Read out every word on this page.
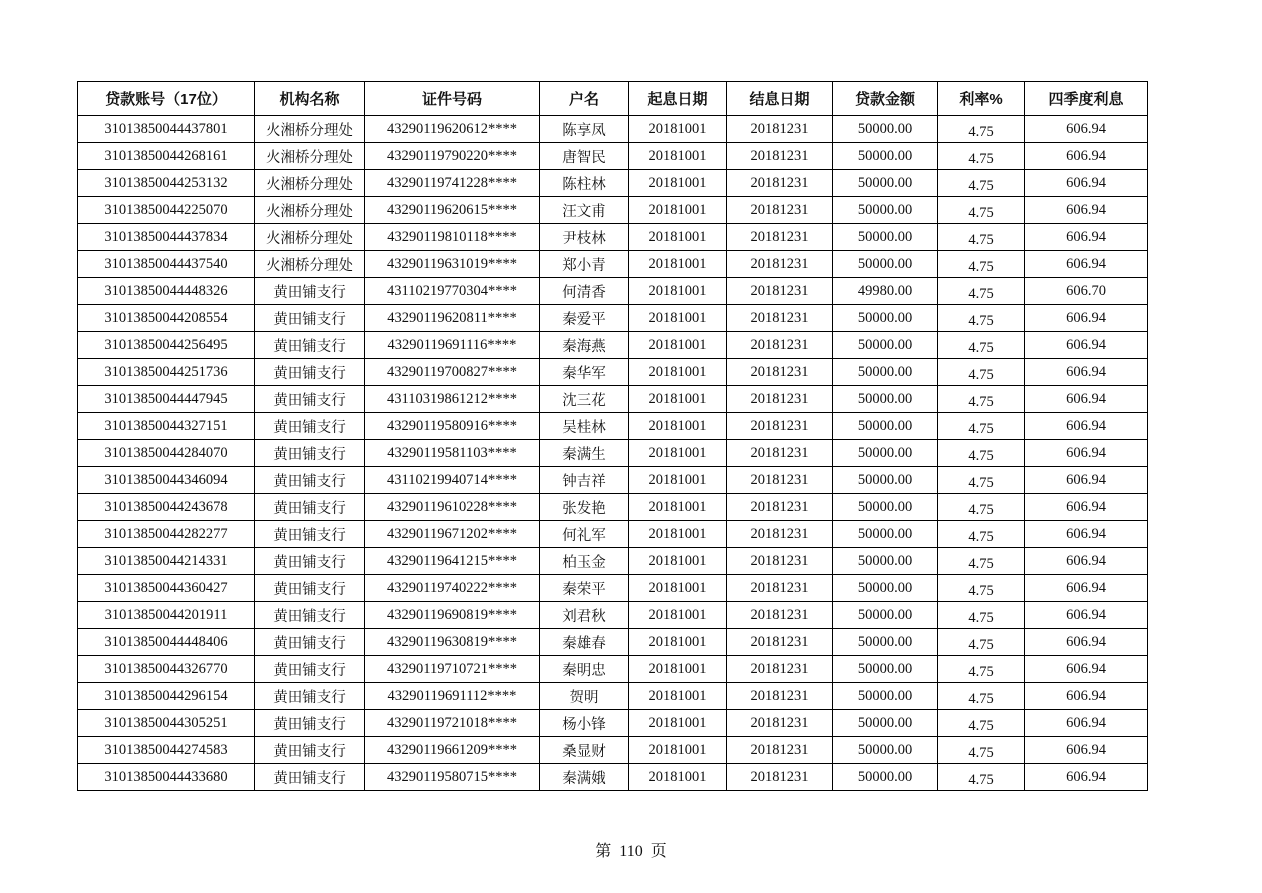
贷款账号（17位）	机构名称	证件号码	户名	起息日期	结息日期	贷款金额	利率%	四季度利息
31013850044437801	火湘桥分理处	43290119620612****	陈享凤	20181001	20181231	50000.00	4.75	606.94
31013850044268161	火湘桥分理处	43290119790220****	唐智民	20181001	20181231	50000.00	4.75	606.94
31013850044253132	火湘桥分理处	43290119741228****	陈柱林	20181001	20181231	50000.00	4.75	606.94
31013850044225070	火湘桥分理处	43290119620615****	汪文甫	20181001	20181231	50000.00	4.75	606.94
31013850044437834	火湘桥分理处	43290119810118****	尹枝林	20181001	20181231	50000.00	4.75	606.94
31013850044437540	火湘桥分理处	43290119631019****	郑小青	20181001	20181231	50000.00	4.75	606.94
31013850044448326	黄田铺支行	43110219770304****	何清香	20181001	20181231	49980.00	4.75	606.70
31013850044208554	黄田铺支行	43290119620811****	秦爱平	20181001	20181231	50000.00	4.75	606.94
31013850044256495	黄田铺支行	43290119691116****	秦海燕	20181001	20181231	50000.00	4.75	606.94
31013850044251736	黄田铺支行	43290119700827****	秦华军	20181001	20181231	50000.00	4.75	606.94
31013850044447945	黄田铺支行	43110319861212****	沈三花	20181001	20181231	50000.00	4.75	606.94
31013850044327151	黄田铺支行	43290119580916****	吴桂林	20181001	20181231	50000.00	4.75	606.94
31013850044284070	黄田铺支行	43290119581103****	秦满生	20181001	20181231	50000.00	4.75	606.94
31013850044346094	黄田铺支行	43110219940714****	钟吉祥	20181001	20181231	50000.00	4.75	606.94
31013850044243678	黄田铺支行	43290119610228****	张发艳	20181001	20181231	50000.00	4.75	606.94
31013850044282277	黄田铺支行	43290119671202****	何礼军	20181001	20181231	50000.00	4.75	606.94
31013850044214331	黄田铺支行	43290119641215****	柏玉金	20181001	20181231	50000.00	4.75	606.94
31013850044360427	黄田铺支行	43290119740222****	秦荣平	20181001	20181231	50000.00	4.75	606.94
31013850044201911	黄田铺支行	43290119690819****	刘君秋	20181001	20181231	50000.00	4.75	606.94
31013850044448406	黄田铺支行	43290119630819****	秦雄春	20181001	20181231	50000.00	4.75	606.94
31013850044326770	黄田铺支行	43290119710721****	秦明忠	20181001	20181231	50000.00	4.75	606.94
31013850044296154	黄田铺支行	43290119691112****	贺明	20181001	20181231	50000.00	4.75	606.94
31013850044305251	黄田铺支行	43290119721018****	杨小锋	20181001	20181231	50000.00	4.75	606.94
31013850044274583	黄田铺支行	43290119661209****	桑显财	20181001	20181231	50000.00	4.75	606.94
31013850044433680	黄田铺支行	43290119580715****	秦满娥	20181001	20181231	50000.00	4.75	606.94
第 110 页
